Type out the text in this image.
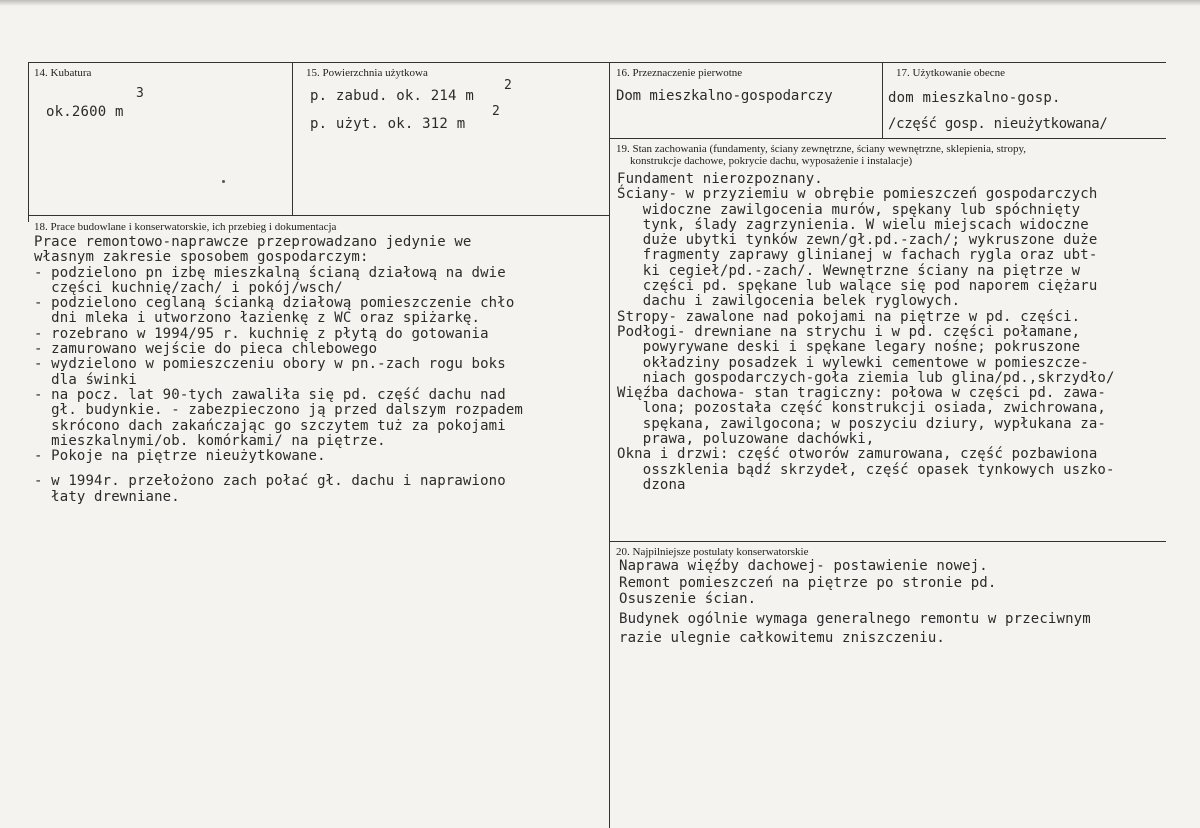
14. Kubatura
ok.2600 m
3
15. Powierzchnia użytkowa
p. zabud. ok. 214 m
2
p. użyt. ok. 312 m
2
16. Przeznaczenie pierwotne
Dom mieszkalno-gospodarczy
17. Użytkowanie obecne
dom mieszkalno-gosp.
/część gosp. nieużytkowana/
18. Prace budowlane i konserwatorskie, ich przebieg i dokumentacja
Prace remontowo-naprawcze przeprowadzano jedynie we
własnym zakresie sposobem gospodarczym:
- podzielono pn izbę mieszkalną ścianą działową na dwie
części kuchnię/zach/ i pokój/wsch/
- podzielono ceglaną ścianką działową pomieszczenie chło
dni mleka i utworzono łazienkę z WC oraz spiżarkę.
- rozebrano w 1994/95 r. kuchnię z płytą do gotowania
- zamurowano wejście do pieca chlebowego
- wydzielono w pomieszczeniu obory w pn.-zach rogu boks
dla świnki
- na pocz. lat 90-tych zawaliła się pd. część dachu nad
gł. budynkie. - zabezpieczono ją przed dalszym rozpadem
skrócono dach zakańczając go szczytem tuż za pokojami
mieszkalnymi/ob. komórkami/ na piętrze.
- Pokoje na piętrze nieużytkowane.
- w 1994r. przełożono zach połać gł. dachu i naprawiono
łaty drewniane.
19. Stan zachowania (fundamenty, ściany zewnętrzne, ściany wewnętrzne, sklepienia, stropy,
konstrukcje dachowe, pokrycie dachu, wyposażenie i instalacje)
Fundament nierozpoznany.
Ściany- w przyziemiu w obrębie pomieszczeń gospodarczych
widoczne zawilgocenia murów, spękany lub spóchnięty
tynk, ślady zagrzynienia. W wielu miejscach widoczne
duże ubytki tynków zewn/gł.pd.-zach/; wykruszone duże
fragmenty zaprawy glinianej w fachach rygla oraz ubt-
ki cegieł/pd.-zach/. Wewnętrzne ściany na piętrze w
części pd. spękane lub walące się pod naporem ciężaru
dachu i zawilgocenia belek ryglowych.
Stropy- zawalone nad pokojami na piętrze w pd. części.
Podłogi- drewniane na strychu i w pd. części połamane,
powyrywane deski i spękane legary nośne; pokruszone
okładziny posadzek i wylewki cementowe w pomieszcze-
niach gospodarczych-goła ziemia lub glina/pd.,skrzydło/
Więźba dachowa- stan tragiczny: połowa w części pd. zawa-
lona; pozostała część konstrukcji osiada, zwichrowana,
spękana, zawilgocona; w poszyciu dziury, wypłukana za-
prawa, poluzowane dachówki,
Okna i drzwi: część otworów zamurowana, część pozbawiona
osszklenia bądź skrzydeł, część opasek tynkowych uszko-
dzona
20. Najpilniejsze postulaty konserwatorskie
Naprawa więźby dachowej- postawienie nowej.
Remont pomieszczeń na piętrze po stronie pd.
Osuszenie ścian.
Budynek ogólnie wymaga generalnego remontu w przeciwnym
razie ulegnie całkowitemu zniszczeniu.
